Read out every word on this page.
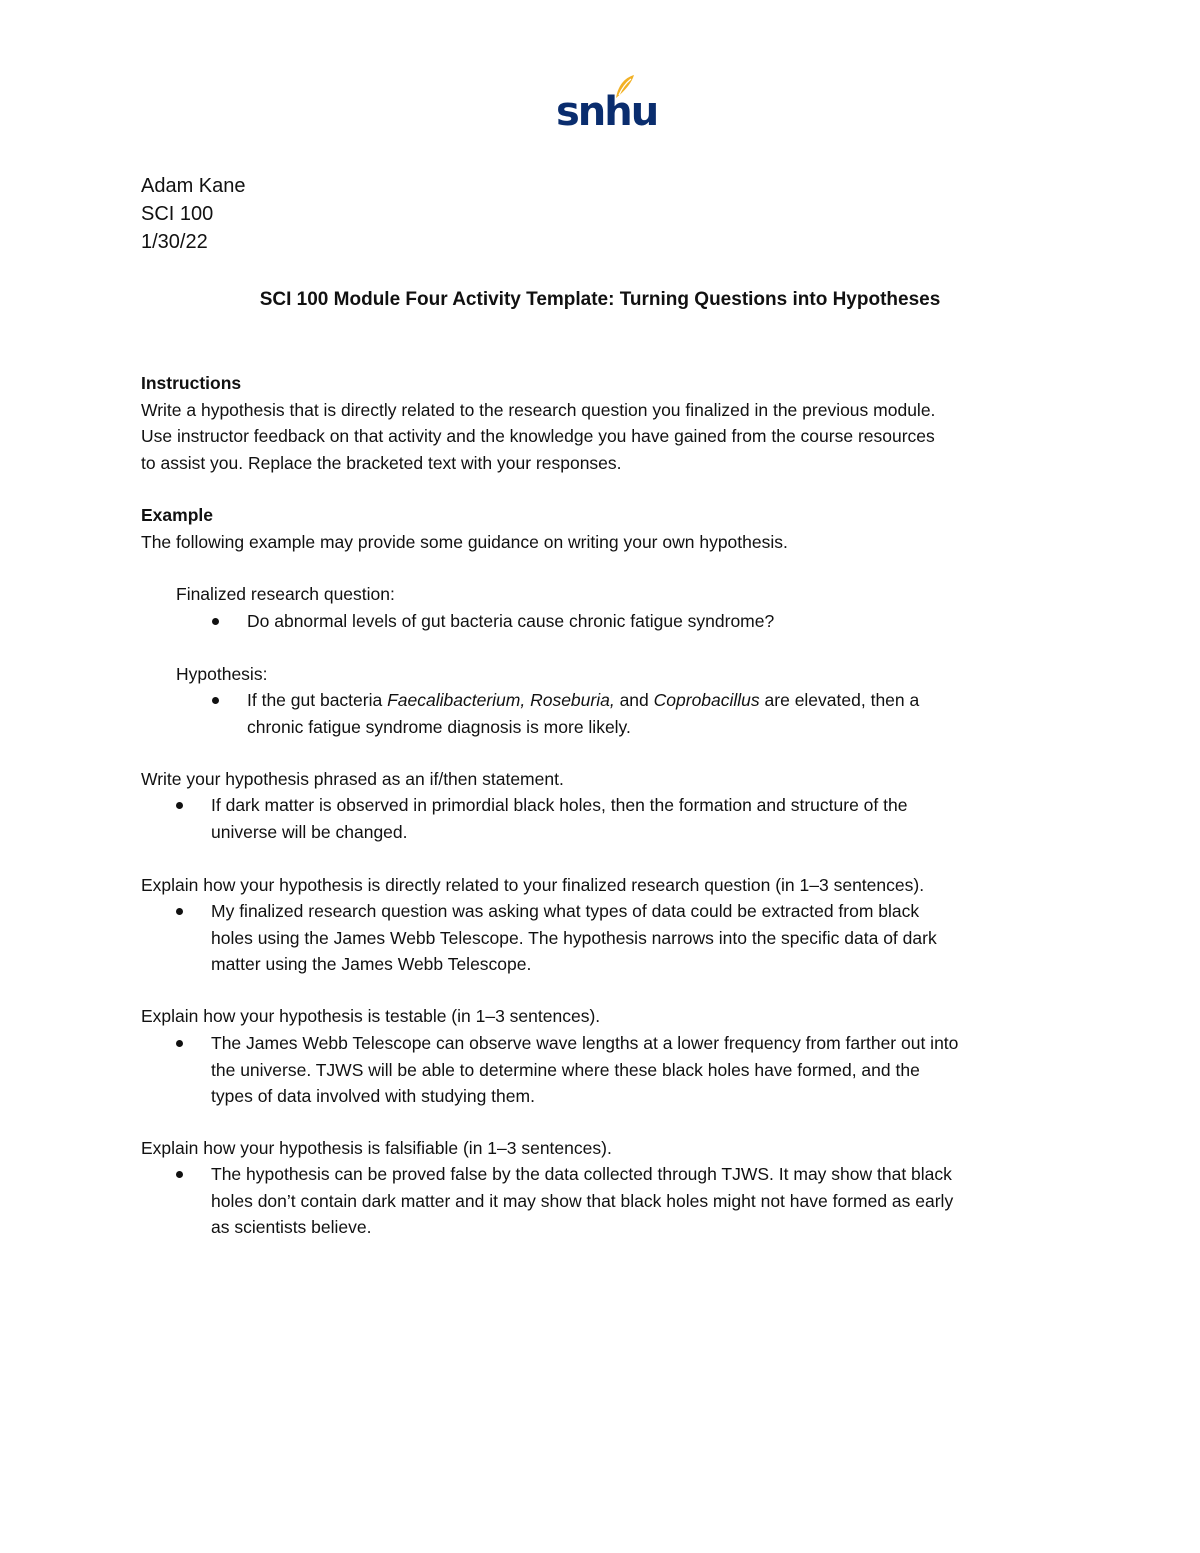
snhu
Adam Kane
SCI 100
1/30/22
SCI 100 Module Four Activity Template: Turning Questions into Hypotheses
Instructions
Write a hypothesis that is directly related to the research question you finalized in the previous module.
Use instructor feedback on that activity and the knowledge you have gained from the course resources
to assist you. Replace the bracketed text with your responses.
Example
The following example may provide some guidance on writing your own hypothesis.
Finalized research question:
Do abnormal levels of gut bacteria cause chronic fatigue syndrome?
Hypothesis:
If the gut bacteria Faecalibacterium, Roseburia, and Coprobacillus are elevated, then a
chronic fatigue syndrome diagnosis is more likely.
Write your hypothesis phrased as an if/then statement.
If dark matter is observed in primordial black holes, then the formation and structure of the
universe will be changed.
Explain how your hypothesis is directly related to your finalized research question (in 1–3 sentences).
My finalized research question was asking what types of data could be extracted from black
holes using the James Webb Telescope. The hypothesis narrows into the specific data of dark
matter using the James Webb Telescope.
Explain how your hypothesis is testable (in 1–3 sentences).
The James Webb Telescope can observe wave lengths at a lower frequency from farther out into
the universe. TJWS will be able to determine where these black holes have formed, and the
types of data involved with studying them.
Explain how your hypothesis is falsifiable (in 1–3 sentences).
The hypothesis can be proved false by the data collected through TJWS. It may show that black
holes don’t contain dark matter and it may show that black holes might not have formed as early
as scientists believe.
